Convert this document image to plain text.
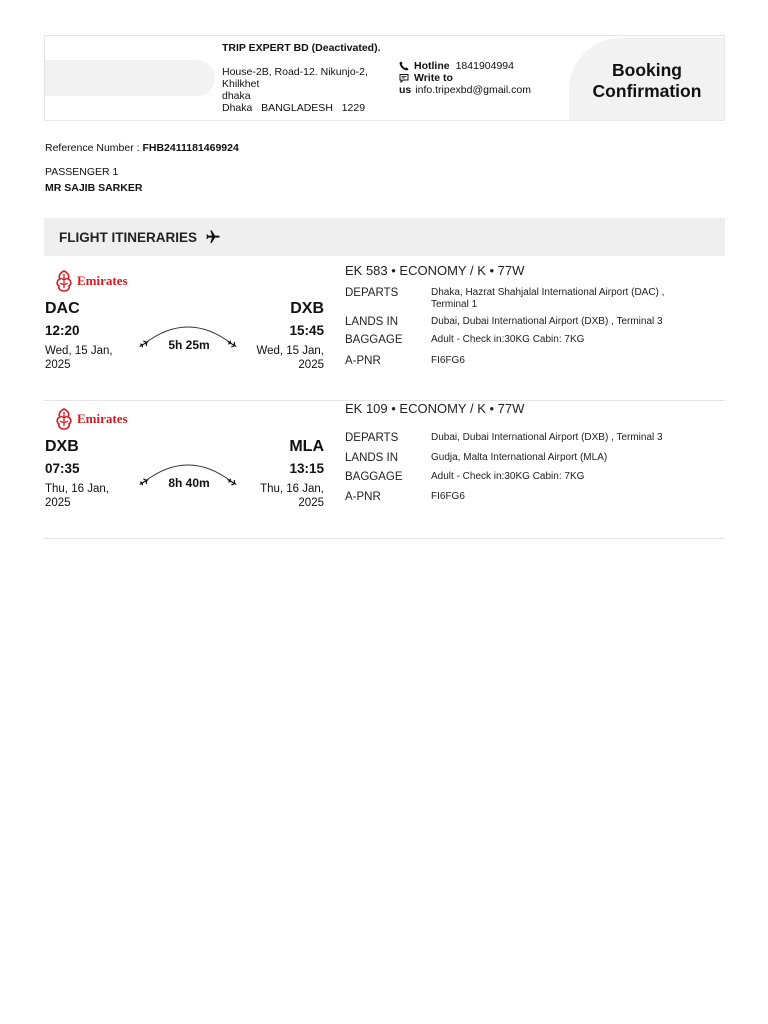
TRIP EXPERT BD (Deactivated).
House-2B, Road-12. Nikunjo-2,
Khilkhet
dhaka
Dhaka BANGLADESH 1229
Hotline 1841904994
Write to
us info.tripexbd@gmail.com
Booking
Confirmation
Reference Number : FHB2411181469924
PASSENGER 1
MR SAJIB SARKER
FLIGHT ITINERARIES
Emirates
DAC	DXB
12:20	15:45
Wed, 15 Jan,
2025
Wed, 15 Jan,
2025
5h 25m
EK 583 • ECONOMY / K • 77W
DEPARTS	Dhaka, Hazrat Shahjalal International Airport (DAC) , Terminal 1
LANDS IN	Dubai, Dubai International Airport (DXB) , Terminal 3
BAGGAGE	Adult - Check in:30KG Cabin: 7KG
A-PNR	FI6FG6
Emirates
DXB	MLA
07:35	13:15
Thu, 16 Jan,
2025
Thu, 16 Jan,
2025
8h 40m
EK 109 • ECONOMY / K • 77W
DEPARTS	Dubai, Dubai International Airport (DXB) , Terminal 3
LANDS IN	Gudja, Malta International Airport (MLA)
BAGGAGE	Adult - Check in:30KG Cabin: 7KG
A-PNR	FI6FG6
